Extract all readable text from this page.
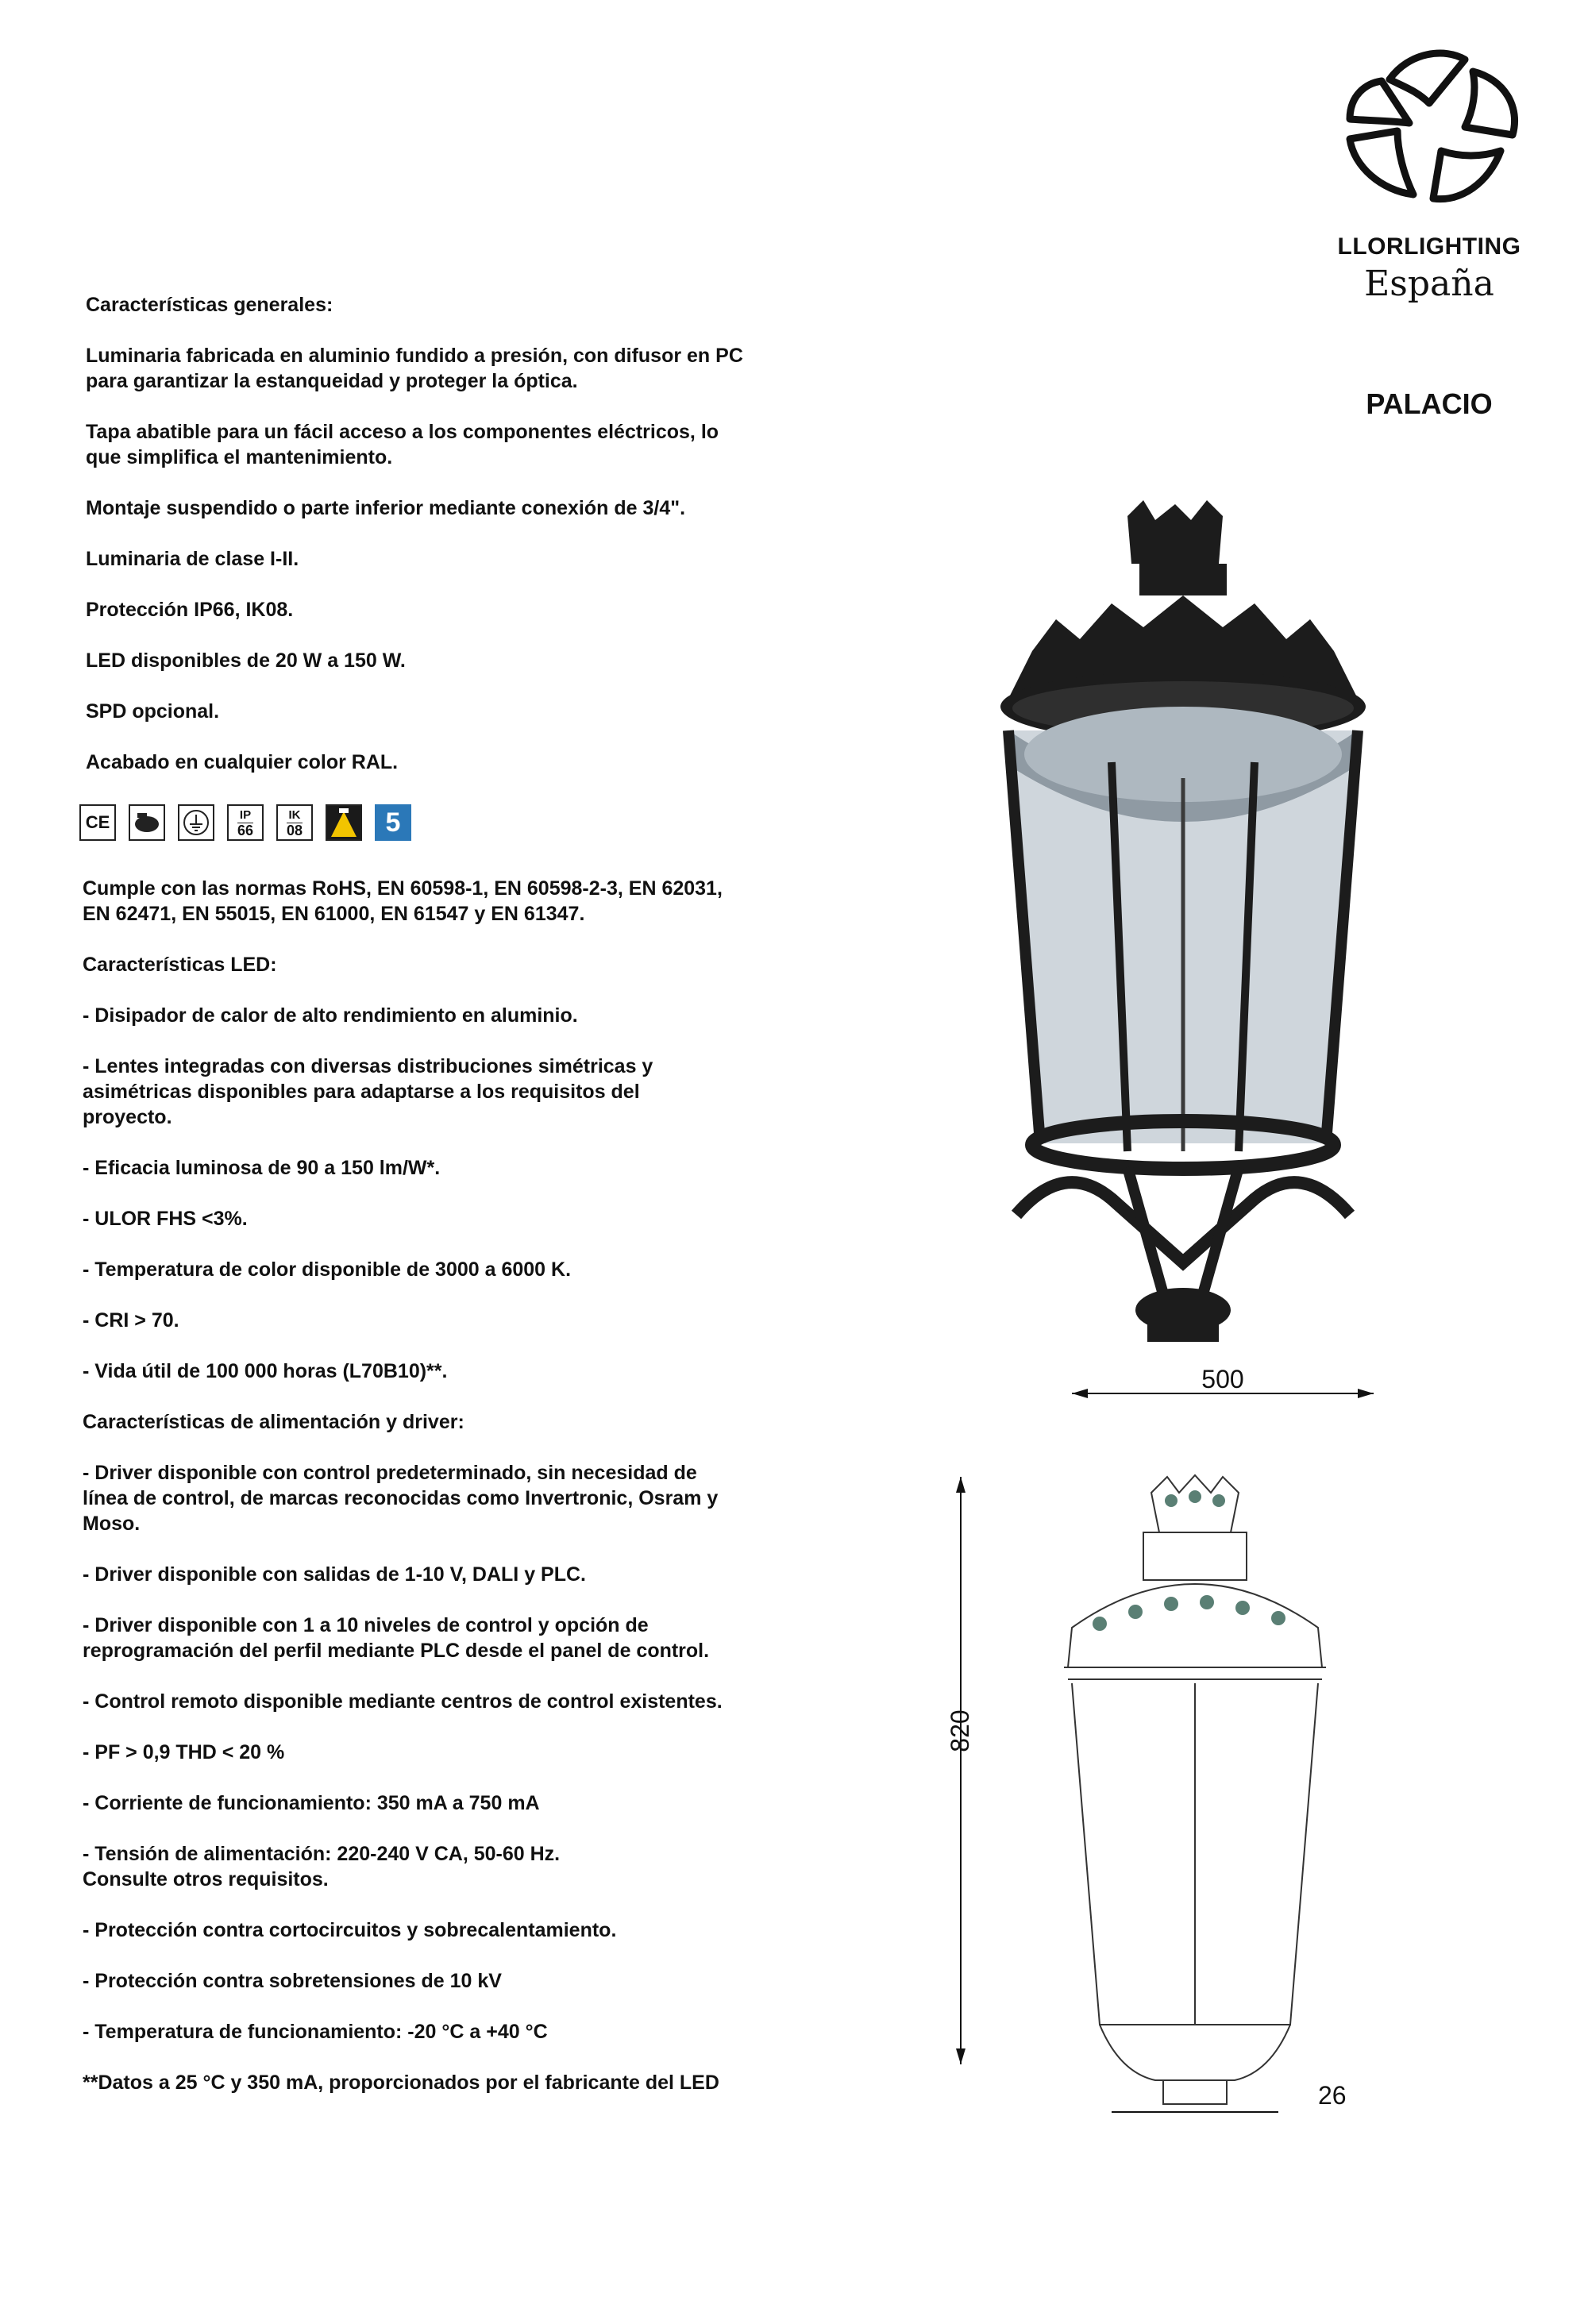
LLORLIGHTING
España
PALACIO

Características generales:

Luminaria fabricada en aluminio fundido a presión, con difusor en PC
para garantizar la estanqueidad y proteger la óptica.

Tapa abatible para un fácil acceso a los componentes eléctricos, lo
que simplifica el mantenimiento.

Montaje suspendido o parte inferior mediante conexión de 3/4".

Luminaria de clase I-II.

Protección IP66, IK08.

LED disponibles de 20 W a 150 W.

SPD opcional.

Acabado en cualquier color RAL.

CE	IP
66
IK
08	5

Cumple con las normas RoHS, EN 60598-1, EN 60598-2-3, EN 62031,
EN 62471, EN 55015, EN 61000, EN 61547 y EN 61347.

Características LED:

- Disipador de calor de alto rendimiento en aluminio.

- Lentes integradas con diversas distribuciones simétricas y
asimétricas disponibles para adaptarse a los requisitos del
proyecto.

- Eficacia luminosa de 90 a 150 lm/W*.

- ULOR FHS <3%.

- Temperatura de color disponible de 3000 a 6000 K.

- CRI > 70.

- Vida útil de 100 000 horas (L70B10)**.

Características de alimentación y driver:

- Driver disponible con control predeterminado, sin necesidad de
línea de control, de marcas reconocidas como Invertronic, Osram y
Moso.

- Driver disponible con salidas de 1-10 V, DALI y PLC.

- Driver disponible con 1 a 10 niveles de control y opción de
reprogramación del perfil mediante PLC desde el panel de control.

- Control remoto disponible mediante centros de control existentes.

- PF > 0,9 THD < 20 %

- Corriente de funcionamiento: 350 mA a 750 mA

- Tensión de alimentación: 220-240 V CA, 50-60 Hz.
Consulte otros requisitos.

- Protección contra cortocircuitos y sobrecalentamiento.

- Protección contra sobretensiones de 10 kV

- Temperatura de funcionamiento: -20 °C a +40 °C

**Datos a 25 °C y 350 mA, proporcionados por el fabricante del LED

500
820
26
